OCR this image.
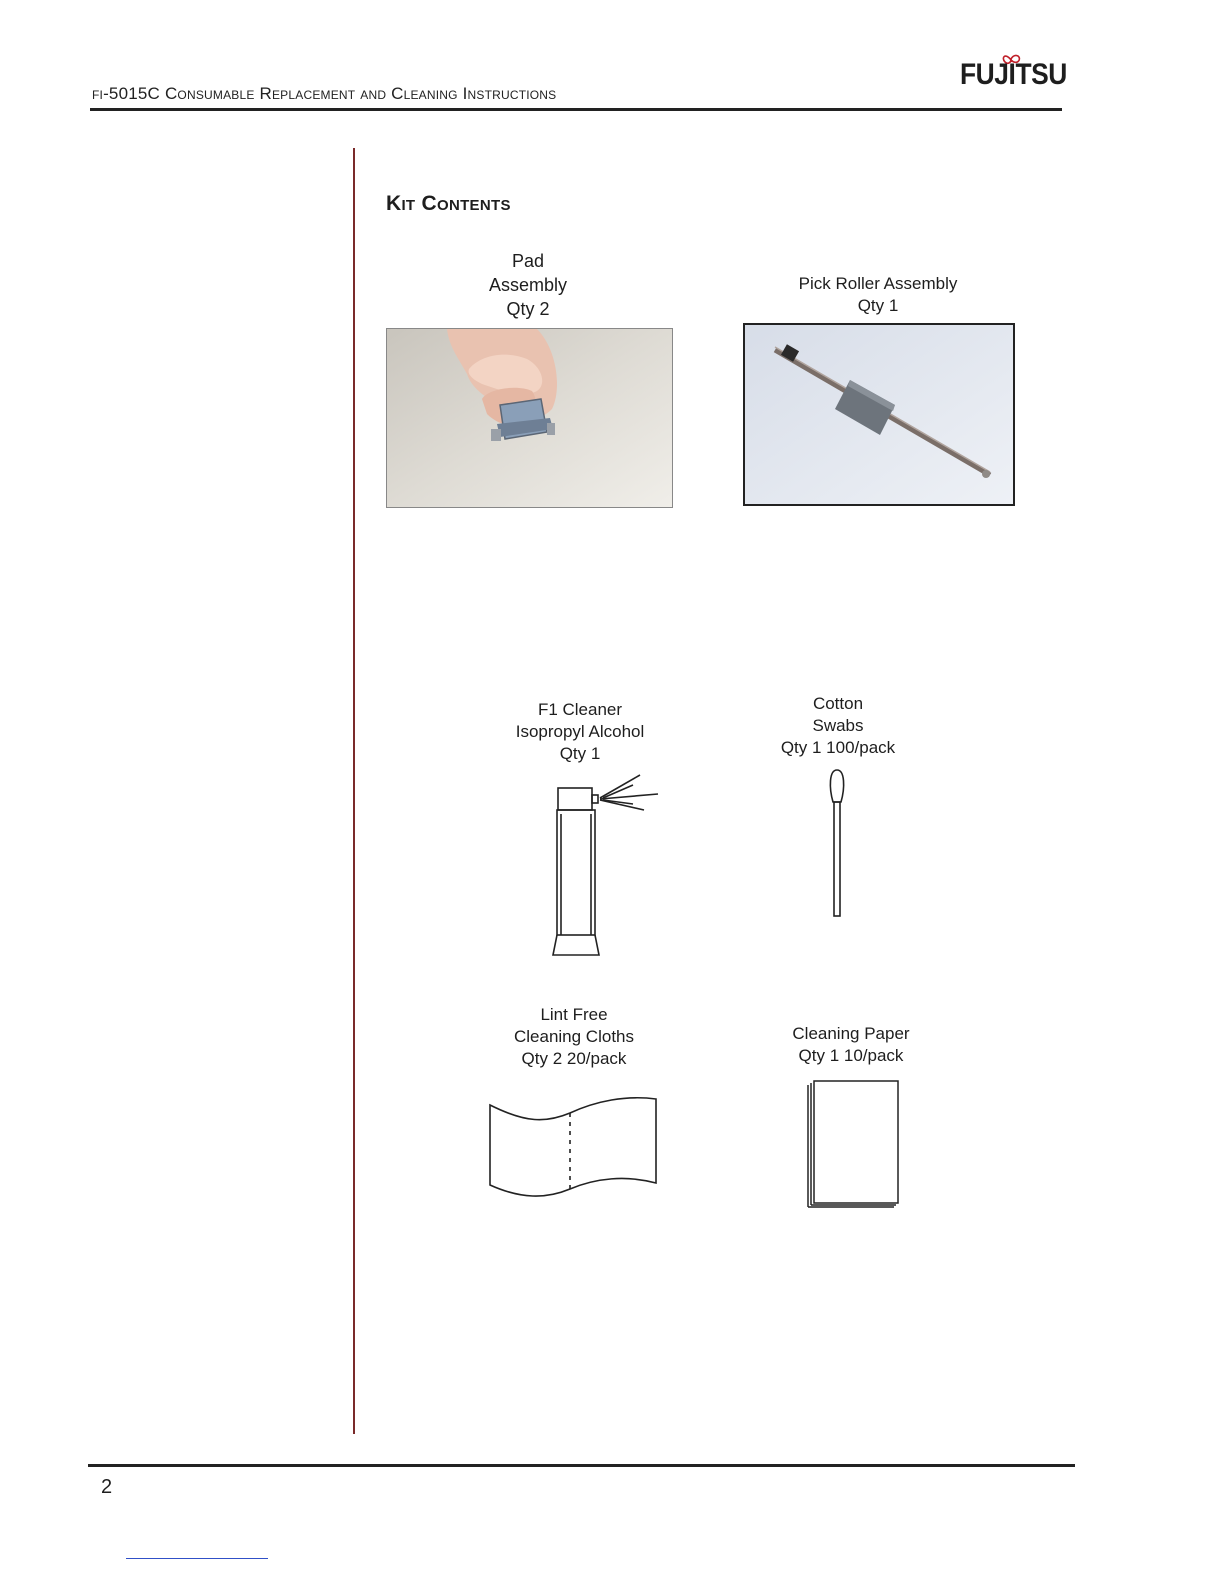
fi-5015C Consumable Replacement and Cleaning Instructions
FUJITSU
Kit Contents
Pad
Assembly
Qty 2
Pick Roller Assembly
Qty 1
F1 Cleaner
Isopropyl Alcohol
Qty 1
Cotton
Swabs
Qty 1 100/pack
Lint Free
Cleaning Cloths
Qty 2 20/pack
Cleaning Paper
Qty 1 10/pack
2
